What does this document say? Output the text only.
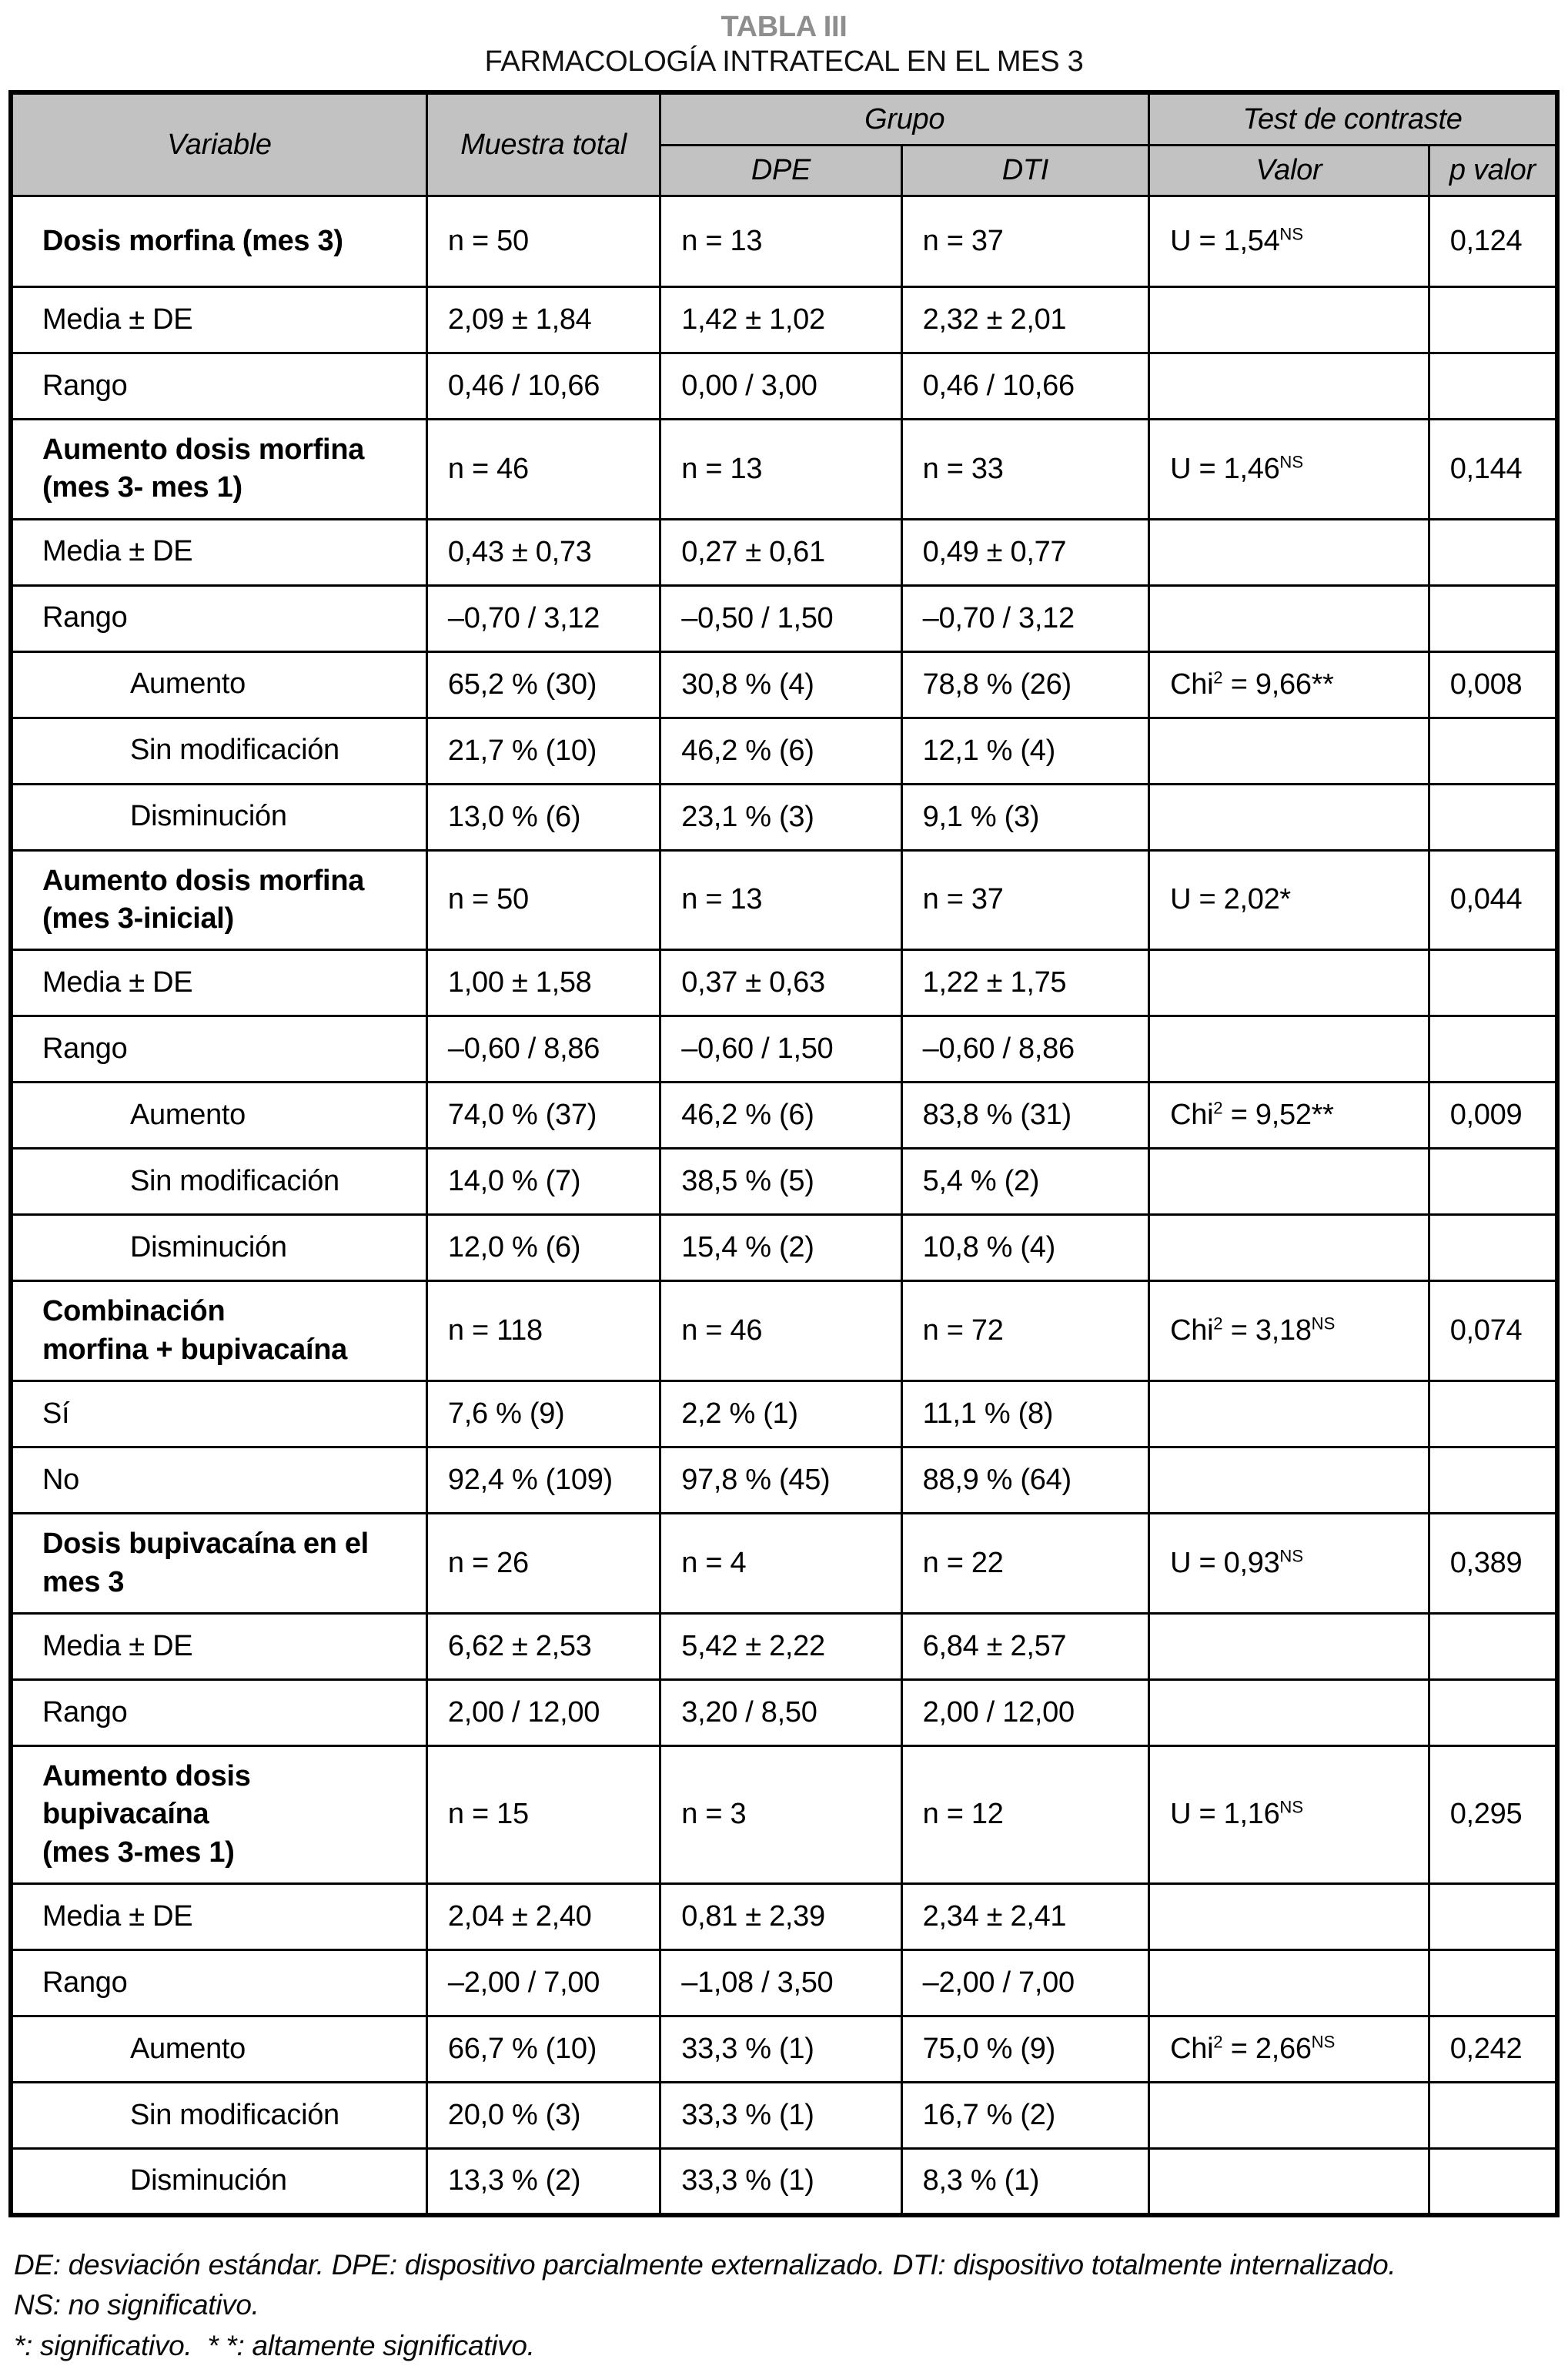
TABLA III
FARMACOLOGÍA INTRATECAL EN EL MES 3
Variable	Muestra total	Grupo		Test de contraste	
		DPE	DTI	Valor	p valor
Dosis morfina (mes 3)	n = 50	n = 13	n = 37	$U = 1,54^{NS}$	0,124
Media ± DE	2,09 ± 1,84	1,42 ± 1,02	2,32 ± 2,01		
Rango	0,46 / 10,66	0,00 / 3,00	0,46 / 10,66		
Aumento dosis morfina
(mes 3- mes 1)	n = 46	n = 13	n = 33	$U = 1,46^{NS}$	0,144
Media ± DE	0,43 ± 0,73	0,27 ± 0,61	0,49 ± 0,77		
Rango	–0,70 / 3,12	–0,50 / 1,50	–0,70 / 3,12		
Aumento	65,2 % (30)	30,8 % (4)	78,8 % (26)	Chi$^2$ = 9,66**	0,008
Sin modificación	21,7 % (10)	46,2 % (6)	12,1 % (4)		
Disminución	13,0 % (6)	23,1 % (3)	9,1 % (3)		
Aumento dosis morfina
(mes 3-inicial)	n = 50	n = 13	n = 37	U = 2,02*	0,044
Media ± DE	1,00 ± 1,58	0,37 ± 0,63	1,22 ± 1,75		
Rango	–0,60 / 8,86	–0,60 / 1,50	–0,60 / 8,86		
Aumento	74,0 % (37)	46,2 % (6)	83,8 % (31)	Chi$^2$ = 9,52**	0,009
Sin modificación	14,0 % (7)	38,5 % (5)	5,4 % (2)		
Disminución	12,0 % (6)	15,4 % (2)	10,8 % (4)		
Combinación
morfina + bupivacaína	n = 118	n = 46	n = 72	$Chi^2 = 3,18^{NS}$	0,074
Sí	7,6 % (9)	2,2 % (1)	11,1 % (8)		
No	92,4 % (109)	97,8 % (45)	88,9 % (64)		
Dosis bupivacaína en el
mes 3	n = 26	n = 4	n = 22	$U = 0,93^{NS}$	0,389
Media ± DE	6,62 ± 2,53	5,42 ± 2,22	6,84 ± 2,57		
Rango	2,00 / 12,00	3,20 / 8,50	2,00 / 12,00		
Aumento dosis bupivacaína
(mes 3-mes 1)	n = 15	n = 3	n = 12	$U = 1,16^{NS}$	0,295
Media ± DE	2,04 ± 2,40	0,81 ± 2,39	2,34 ± 2,41		
Rango	–2,00 / 7,00	–1,08 / 3,50	–2,00 / 7,00		
Aumento	66,7 % (10)	33,3 % (1)	75,0 % (9)	$Chi^2 = 2,66^{NS}$	0,242
Sin modificación	20,0 % (3)	33,3 % (1)	16,7 % (2)		
Disminución	13,3 % (2)	33,3 % (1)	8,3 % (1)		
DE: desviación estándar. DPE: dispositivo parcialmente externalizado. DTI: dispositivo totalmente internalizado.
NS: no significativo.
*: significativo.  * *: altamente significativo.
